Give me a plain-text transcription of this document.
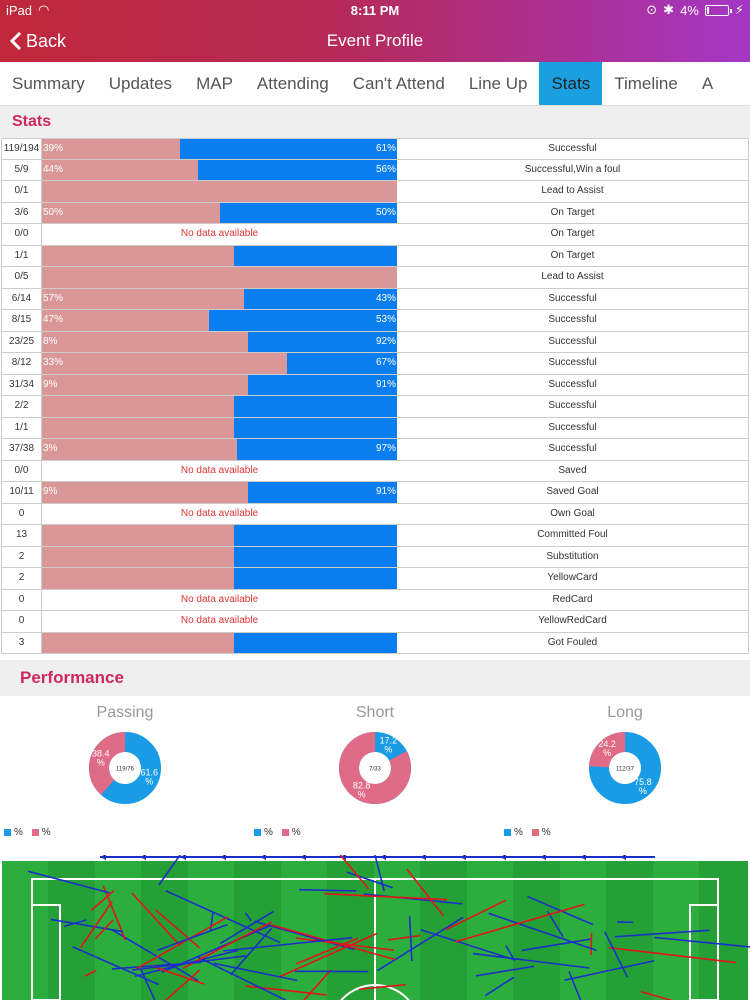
iPad ◠	8:11 PM	⊙ ✱ 4%	⚡
Back	Event Profile
Summary	Updates	MAP	Attending	Can't Attend	Line Up	Stats	Timeline	A
Stats
119/194 39%	61%	Successful
5/9	44%	56%	Successful,Win a foul
0/1	Lead to Assist
3/6	50%	50%	On Target
0/0	No data available	On Target
1/1	On Target
0/5	Lead to Assist
6/14	57%	43%	Successful
8/15	47%	53%	Successful
23/25 8%	92%	Successful
8/12	33%	67%	Successful
31/34 9%	91%	Successful
2/2	Successful
1/1	Successful
37/38 3%	97%	Successful
0/0	No data available	Saved
10/11 9%	91%	Saved Goal
0	No data available	Own Goal
13	Committed Foul
2	Substitution
2	YellowCard
0	No data available	RedCard
0	No data available	YellowRedCard
3	Got Fouled
Performance
Passing
119/76
38.4 %
61.6 %
%
%
Short
7/33
82.8 %
17.2 %
%
%
Long
112/37
24.2 %
75.8 %
%
%
